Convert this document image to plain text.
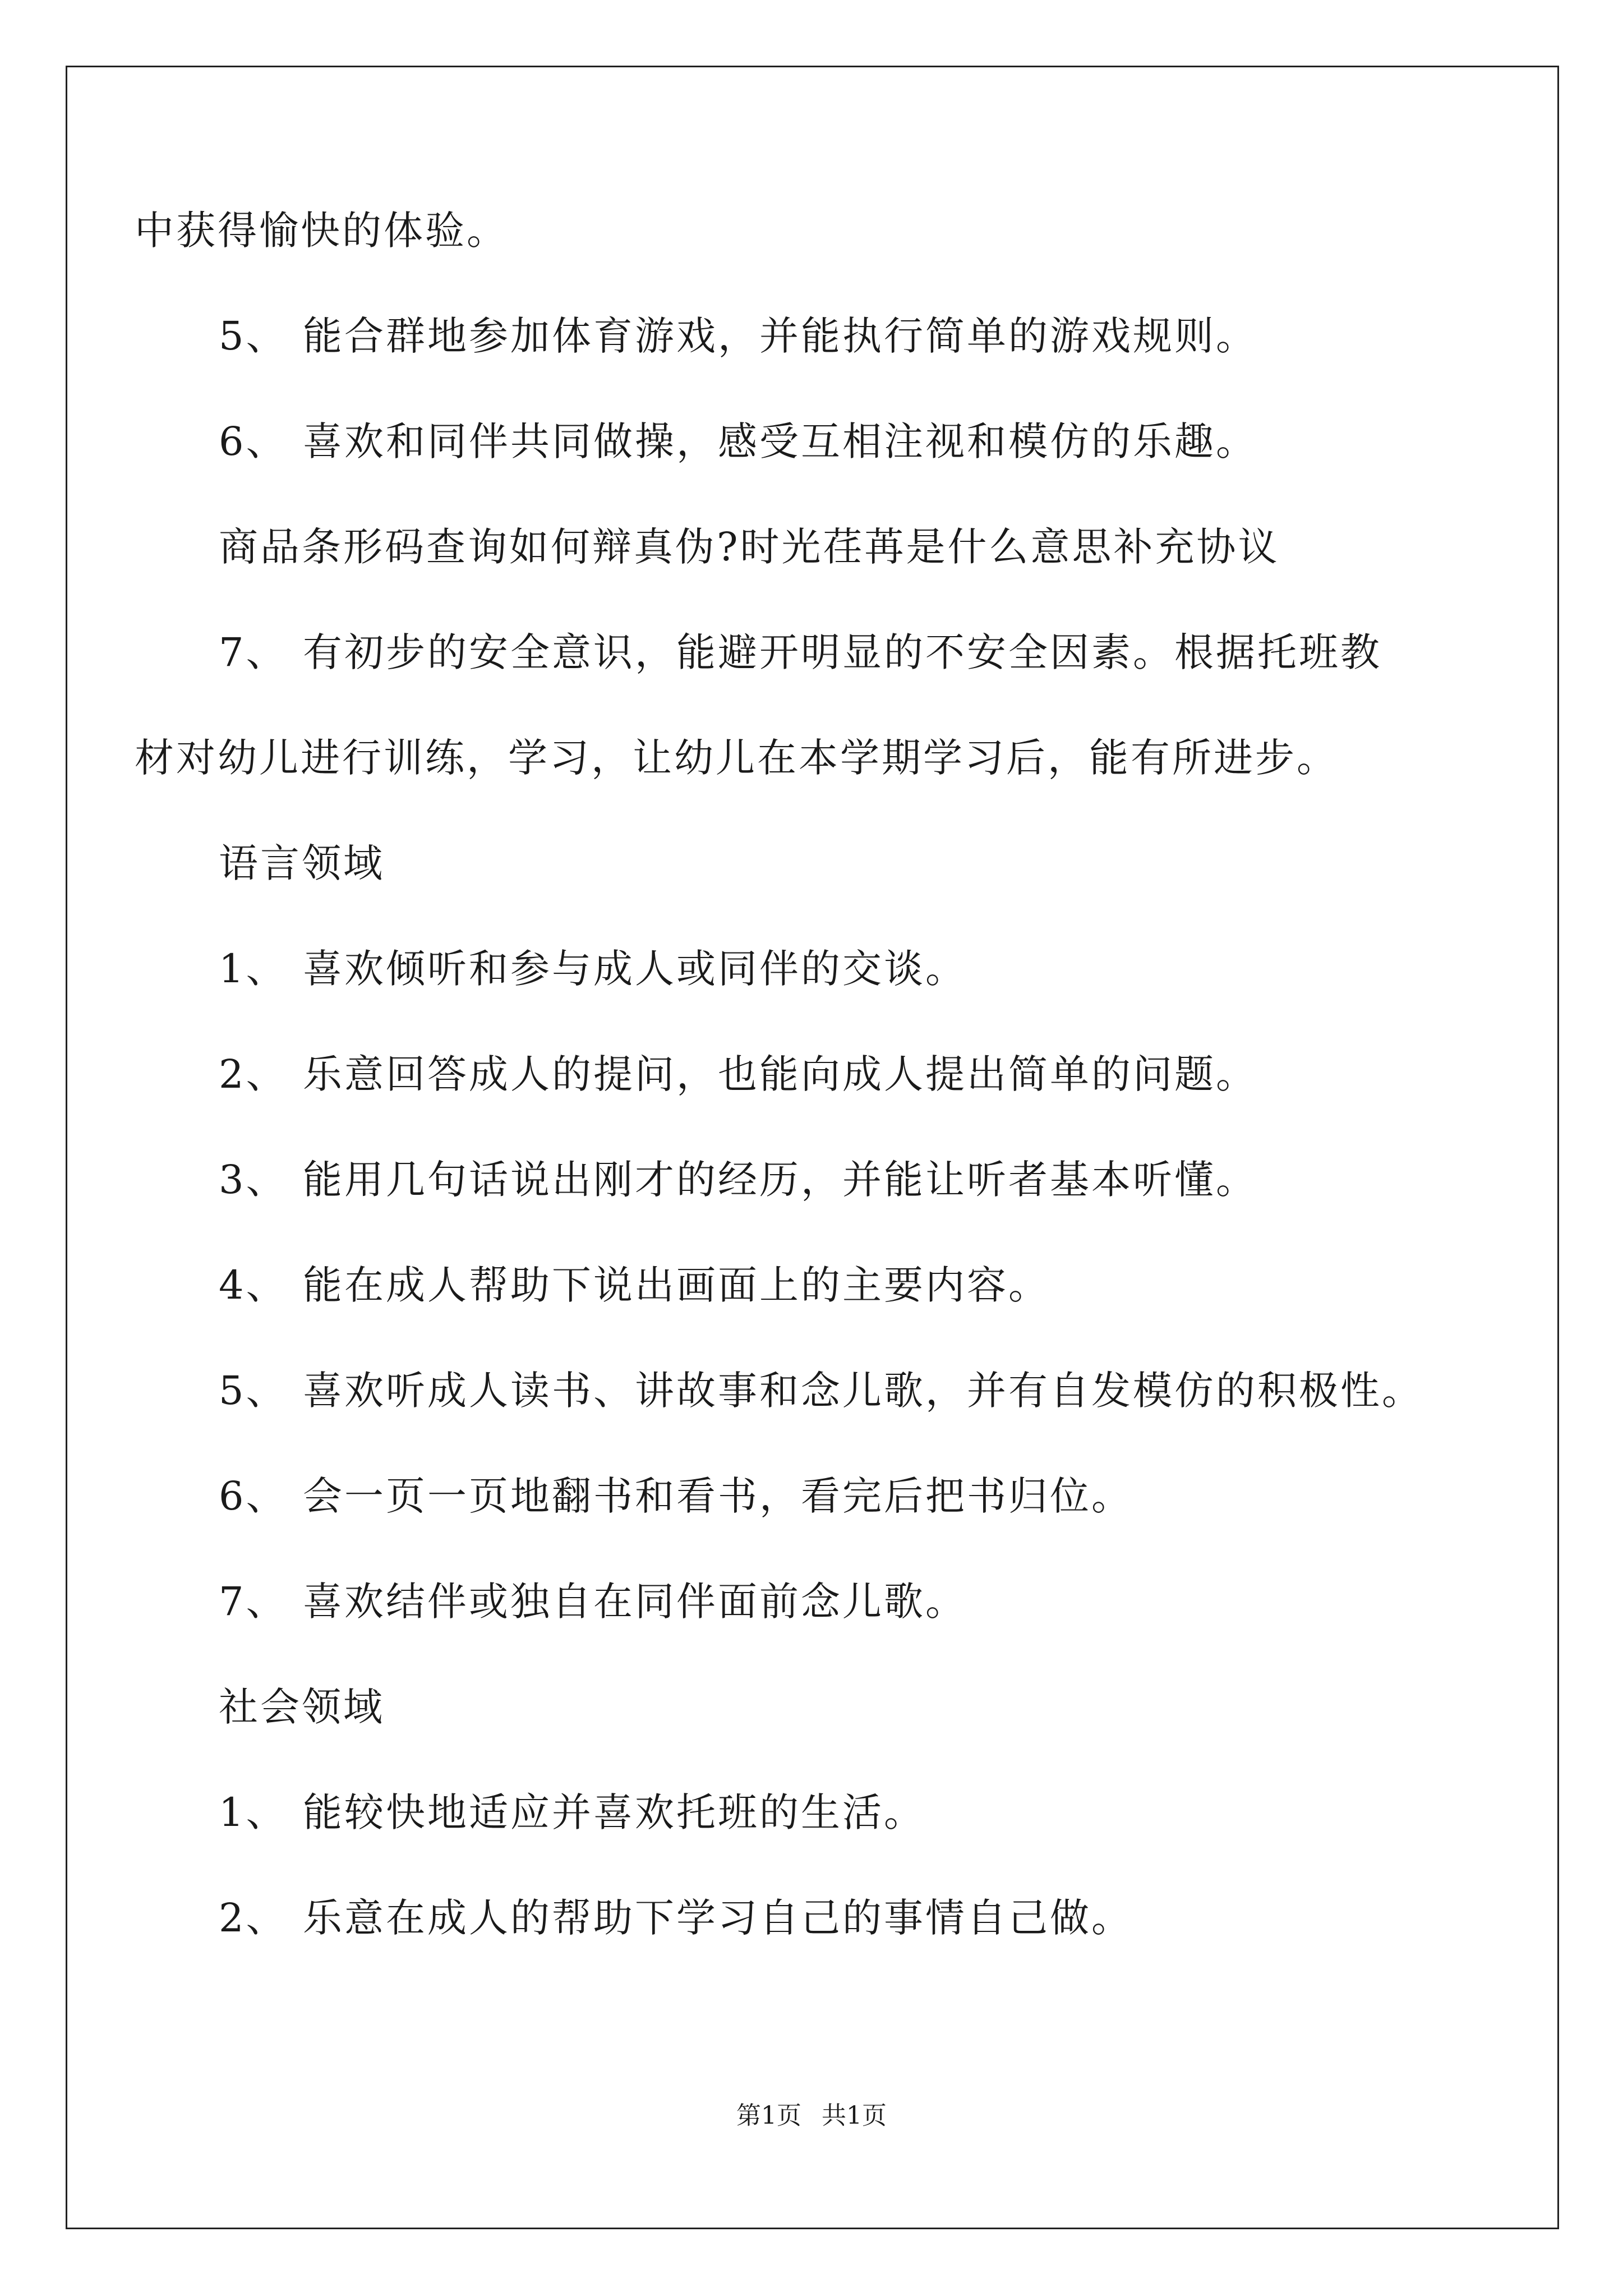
中获得愉快的体验。
5、 能合群地参加体育游戏，并能执行简单的游戏规则。
6、 喜欢和同伴共同做操，感受互相注视和模仿的乐趣。
商品条形码查询如何辩真伪?时光荏苒是什么意思补充协议
7、 有初步的安全意识，能避开明显的不安全因素。根据托班教
材对幼儿进行训练，学习，让幼儿在本学期学习后，能有所进步。
语言领域
1、 喜欢倾听和参与成人或同伴的交谈。
2、 乐意回答成人的提问，也能向成人提出简单的问题。
3、 能用几句话说出刚才的经历，并能让听者基本听懂。
4、 能在成人帮助下说出画面上的主要内容。
5、 喜欢听成人读书、讲故事和念儿歌，并有自发模仿的积极性。
6、 会一页一页地翻书和看书，看完后把书归位。
7、 喜欢结伴或独自在同伴面前念儿歌。
社会领域
1、 能较快地适应并喜欢托班的生活。
2、 乐意在成人的帮助下学习自己的事情自己做。
第1页 共1页
